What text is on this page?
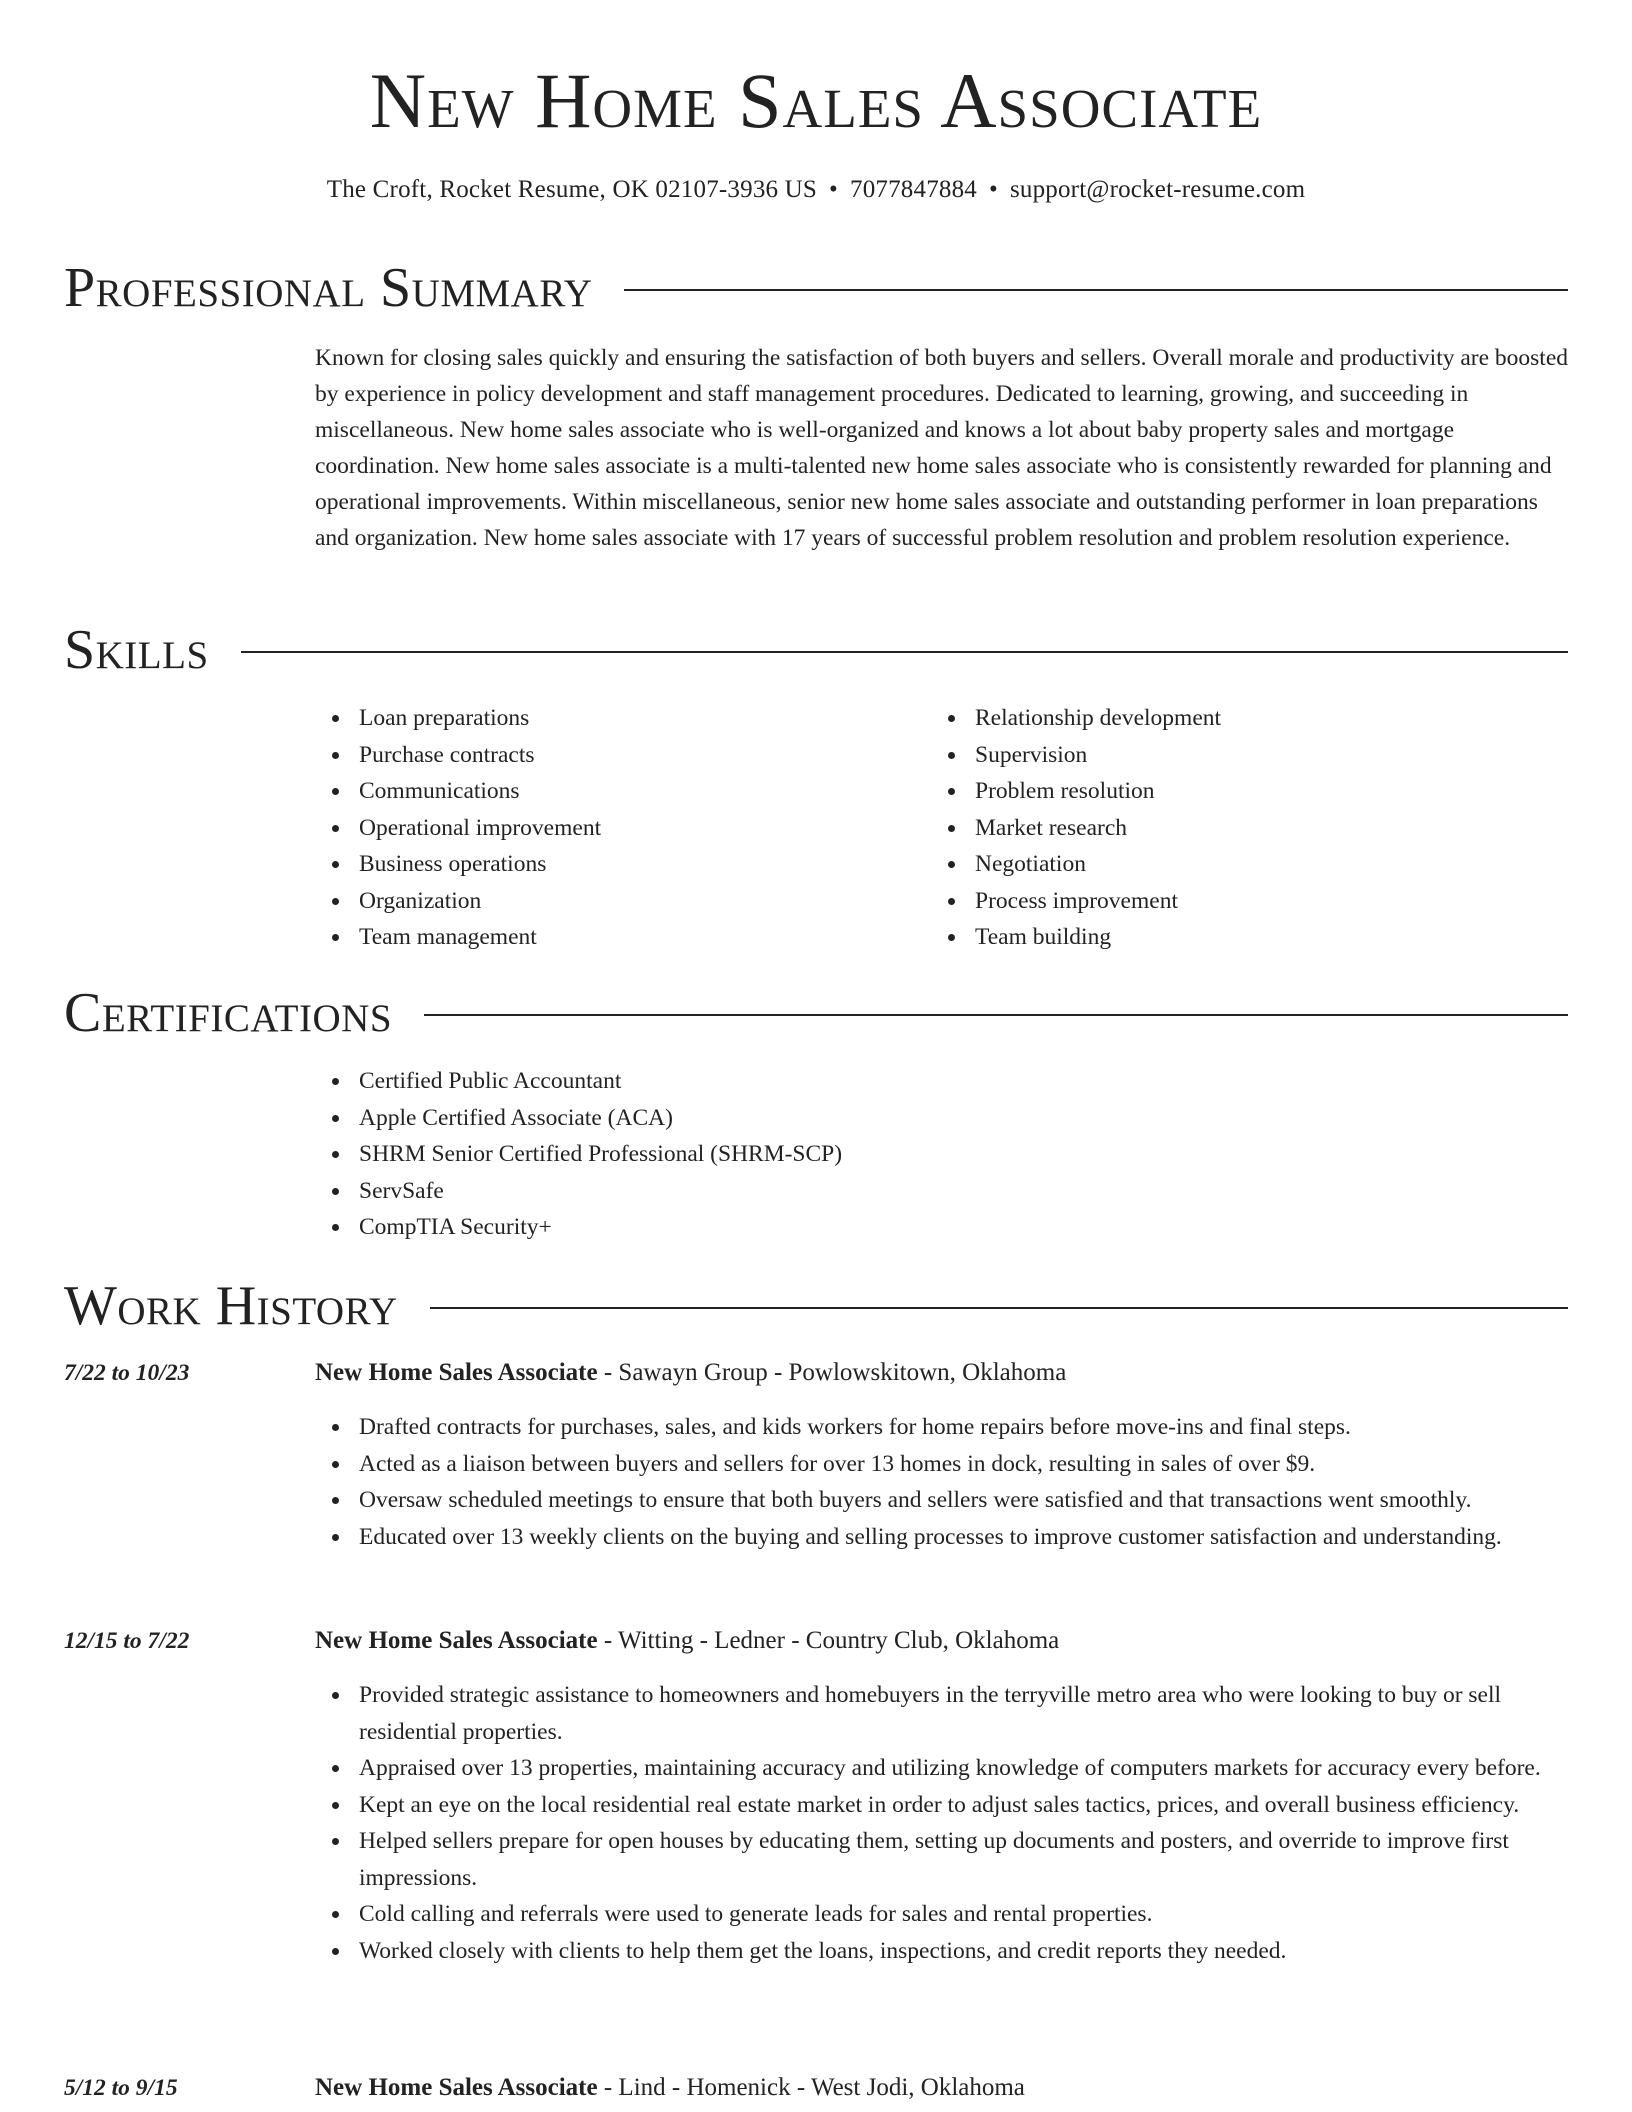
New Home Sales Associate
The Croft, Rocket Resume, OK 02107-3936 US • 7077847884 • support@rocket-resume.com
Professional Summary

Known for closing sales quickly and ensuring the satisfaction of both buyers and sellers. Overall morale and productivity are boosted by experience in policy development and staff management procedures. Dedicated to learning, growing, and succeeding in miscellaneous. New home sales associate who is well-organized and knows a lot about baby property sales and mortgage coordination. New home sales associate is a multi-talented new home sales associate who is consistently rewarded for planning and operational improvements. Within miscellaneous, senior new home sales associate and outstanding performer in loan preparations and organization. New home sales associate with 17 years of successful problem resolution and problem resolution experience.

Skills
Loan preparations
Purchase contracts
Communications
Operational improvement
Business operations
Organization
Team management
Relationship development
Supervision
Problem resolution
Market research
Negotiation
Process improvement
Team building
Certifications
Certified Public Accountant
Apple Certified Associate (ACA)
SHRM Senior Certified Professional (SHRM-SCP)
ServSafe
CompTIA Security+
Work History
7/22 to 10/23	New Home Sales Associate - Sawayn Group - Powlowskitown, Oklahoma
Drafted contracts for purchases, sales, and kids workers for home repairs before move-ins and final steps.
Acted as a liaison between buyers and sellers for over 13 homes in dock, resulting in sales of over $9.
Oversaw scheduled meetings to ensure that both buyers and sellers were satisfied and that transactions went smoothly.
Educated over 13 weekly clients on the buying and selling processes to improve customer satisfaction and understanding.
12/15 to 7/22	New Home Sales Associate - Witting - Ledner - Country Club, Oklahoma
Provided strategic assistance to homeowners and homebuyers in the terryville metro area who were looking to buy or sell residential properties.
Appraised over 13 properties, maintaining accuracy and utilizing knowledge of computers markets for accuracy every before.
Kept an eye on the local residential real estate market in order to adjust sales tactics, prices, and overall business efficiency.
Helped sellers prepare for open houses by educating them, setting up documents and posters, and override to improve first impressions.
Cold calling and referrals were used to generate leads for sales and rental properties.
Worked closely with clients to help them get the loans, inspections, and credit reports they needed.
5/12 to 9/15	New Home Sales Associate - Lind - Homenick - West Jodi, Oklahoma
